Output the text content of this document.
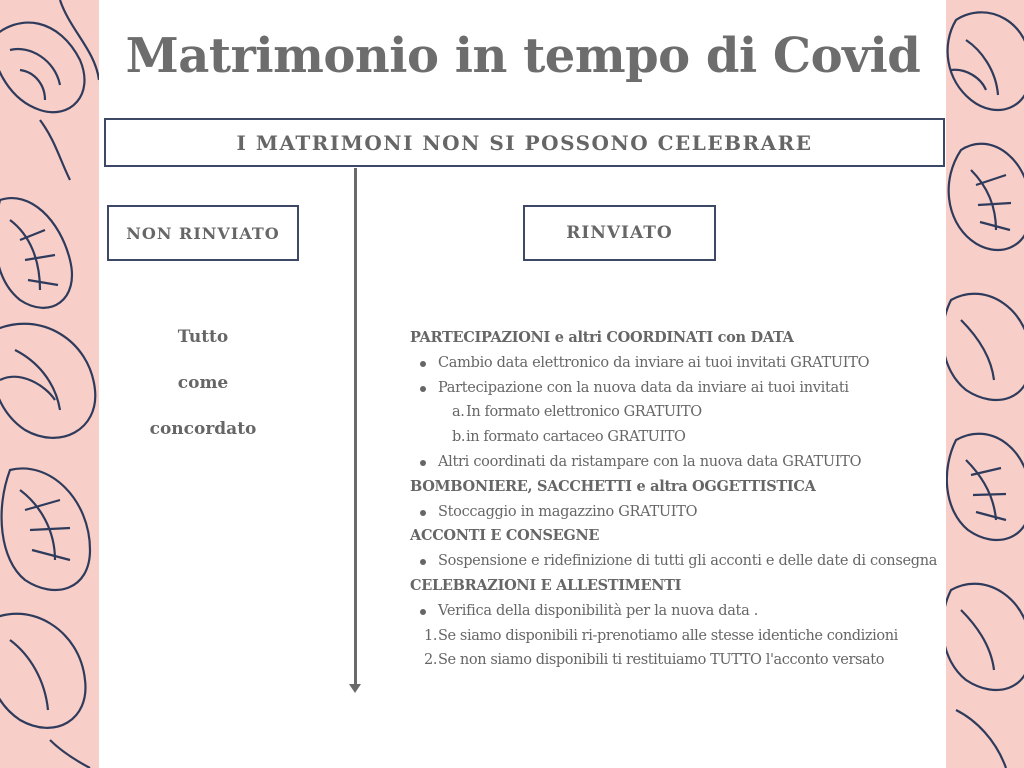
Matrimonio in tempo di Covid
I MATRIMONI NON SI POSSONO CELEBRARE
NON RINVIATO	RINVIATO
Tutto
come
concordato
PARTECIPAZIONI e altri COORDINATI con DATA
Cambio data elettronico da inviare ai tuoi invitati GRATUITO
Partecipazione con la nuova data da inviare ai tuoi invitati
a. In formato elettronico GRATUITO
b.in formato cartaceo GRATUITO
Altri coordinati da ristampare con la nuova data GRATUITO
BOMBONIERE, SACCHETTI e altra OGGETTISTICA
Stoccaggio in magazzino GRATUITO
ACCONTI E CONSEGNE
Sospensione e ridefinizione di tutti gli acconti e delle date di consegna
CELEBRAZIONI E ALLESTIMENTI
Verifica della disponibilità per la nuova data .
1.Se siamo disponibili ri-prenotiamo alle stesse identiche condizioni
2.Se non siamo disponibili ti restituiamo TUTTO l'acconto versato
